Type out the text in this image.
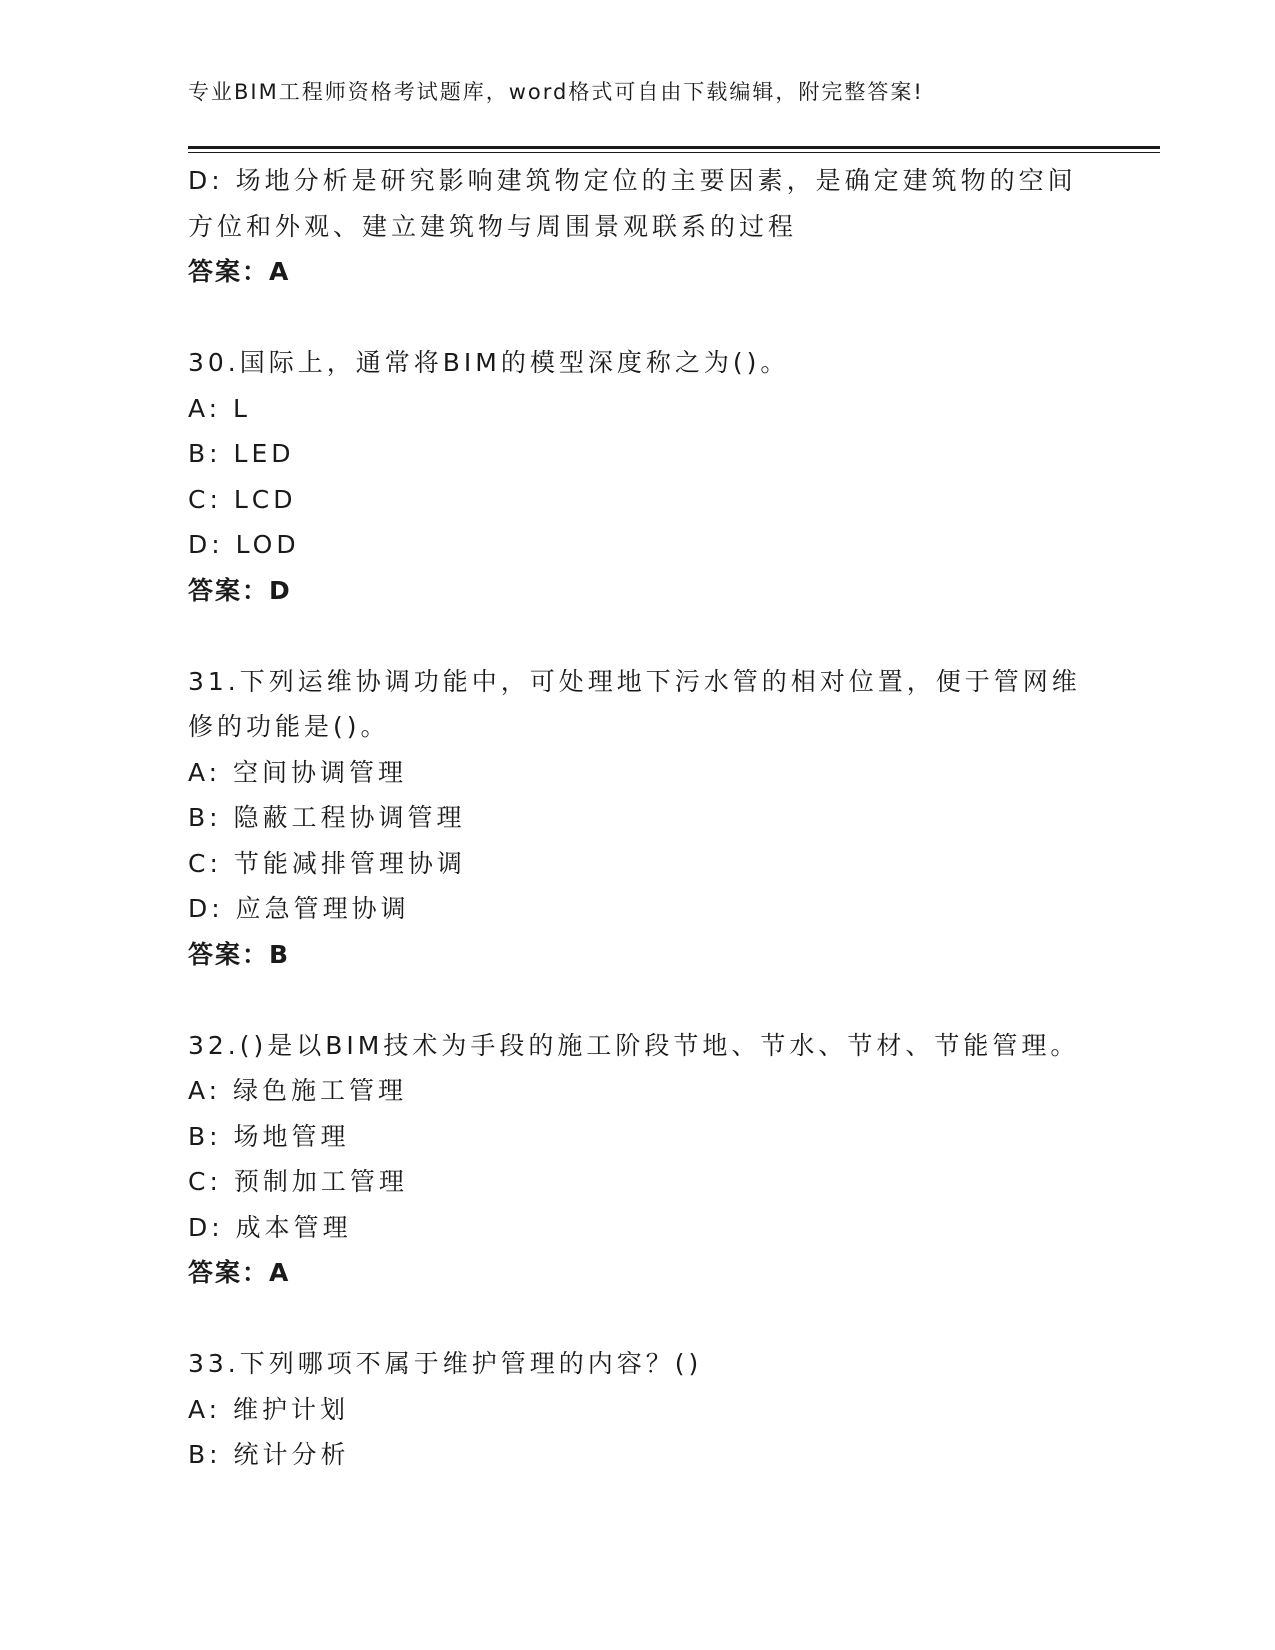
专业BIM工程师资格考试题库，word格式可自由下载编辑，附完整答案!
D: 场地分析是研究影响建筑物定位的主要因素，是确定建筑物的空间
方位和外观、建立建筑物与周围景观联系的过程
答案：A
30.国际上，通常将BIM的模型深度称之为()。
A: L
B: LED
C: LCD
D: LOD
答案：D
31.下列运维协调功能中，可处理地下污水管的相对位置，便于管网维
修的功能是()。
A: 空间协调管理
B: 隐蔽工程协调管理
C: 节能减排管理协调
D: 应急管理协调
答案：B
32.()是以BIM技术为手段的施工阶段节地、节水、节材、节能管理。
A: 绿色施工管理
B: 场地管理
C: 预制加工管理
D: 成本管理
答案：A
33.下列哪项不属于维护管理的内容？()
A: 维护计划
B: 统计分析
